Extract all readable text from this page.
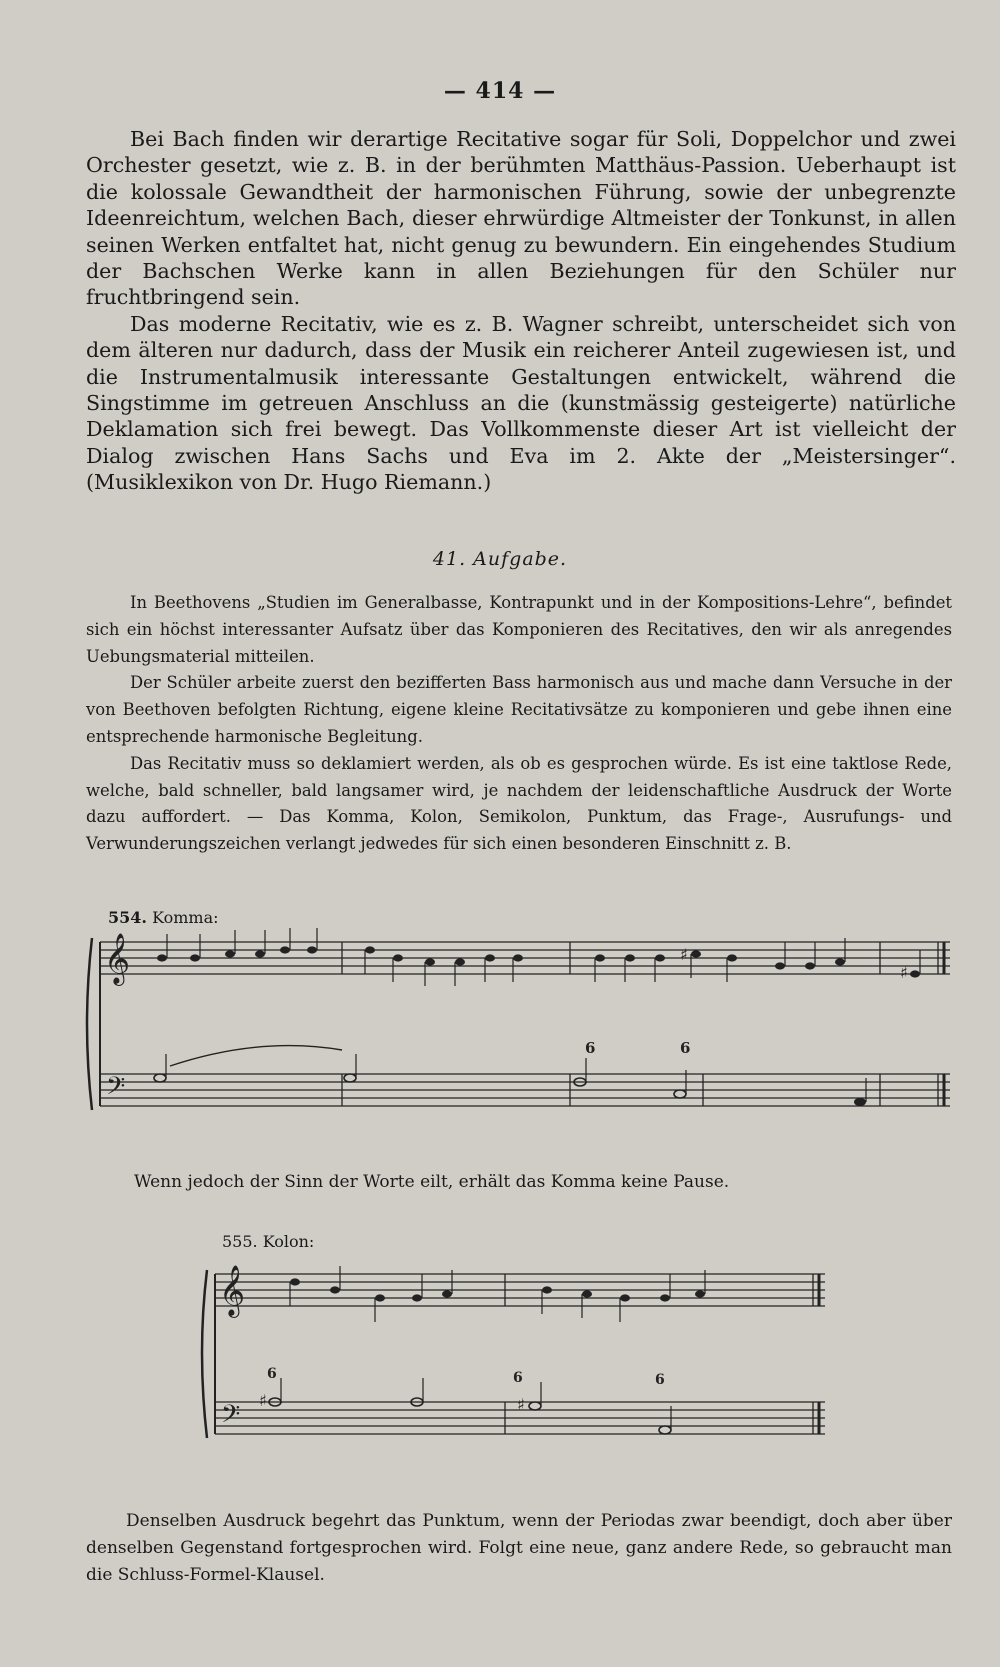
— 414 —

Bei Bach finden wir derartige Recitative sogar für Soli, Doppelchor und zwei Orchester gesetzt, wie z. B. in der berühmten Matthäus-Passion. Ueberhaupt ist die kolossale Gewandtheit der harmonischen Führung, sowie der unbegrenzte Ideenreichtum, welchen Bach, dieser ehrwürdige Altmeister der Tonkunst, in allen seinen Werken entfaltet hat, nicht genug zu bewundern. Ein eingehendes Studium der Bachschen Werke kann in allen Beziehungen für den Schüler nur fruchtbringend sein.

Das moderne Recitativ, wie es z. B. Wagner schreibt, unterscheidet sich von dem älteren nur dadurch, dass der Musik ein reicherer Anteil zugewiesen ist, und die Instrumentalmusik interessante Gestaltungen entwickelt, während die Singstimme im getreuen Anschluss an die (kunstmässig gesteigerte) natürliche Deklamation sich frei bewegt. Das Vollkommenste dieser Art ist vielleicht der Dialog zwischen Hans Sachs und Eva im 2. Akte der „Meistersinger“. (Musiklexikon von Dr. Hugo Riemann.)

41. Aufgabe.

In Beethovens „Studien im Generalbasse, Kontrapunkt und in der Kompositions-Lehre“, befindet sich ein höchst interessanter Aufsatz über das Komponieren des Recitatives, den wir als anregendes Uebungsmaterial mitteilen.

Der Schüler arbeite zuerst den bezifferten Bass harmonisch aus und mache dann Versuche in der von Beethoven befolgten Richtung, eigene kleine Recitativsätze zu komponieren und gebe ihnen eine entsprechende harmonische Begleitung.

Das Recitativ muss so deklamiert werden, als ob es gesprochen würde. Es ist eine taktlose Rede, welche, bald schneller, bald langsamer wird, je nachdem der leidenschaftliche Ausdruck der Worte dazu auffordert. — Das Komma, Kolon, Semikolon, Punktum, das Frage-, Ausrufungs- und Verwunderungszeichen verlangt jedwedes für sich einen besonderen Einschnitt z. B.

554. Komma:
𝄞
𝄢
♯
♯
6	6
Wenn jedoch der Sinn der Worte eilt, erhält das Komma keine Pause.
555. Kolon:
𝄞
𝄢 ♯	♯
6	6	6

Denselben Ausdruck begehrt das Punktum, wenn der Periodas zwar beendigt, doch aber über denselben Gegenstand fortgesprochen wird. Folgt eine neue, ganz andere Rede, so gebraucht man die Schluss-Formel-Klausel.
